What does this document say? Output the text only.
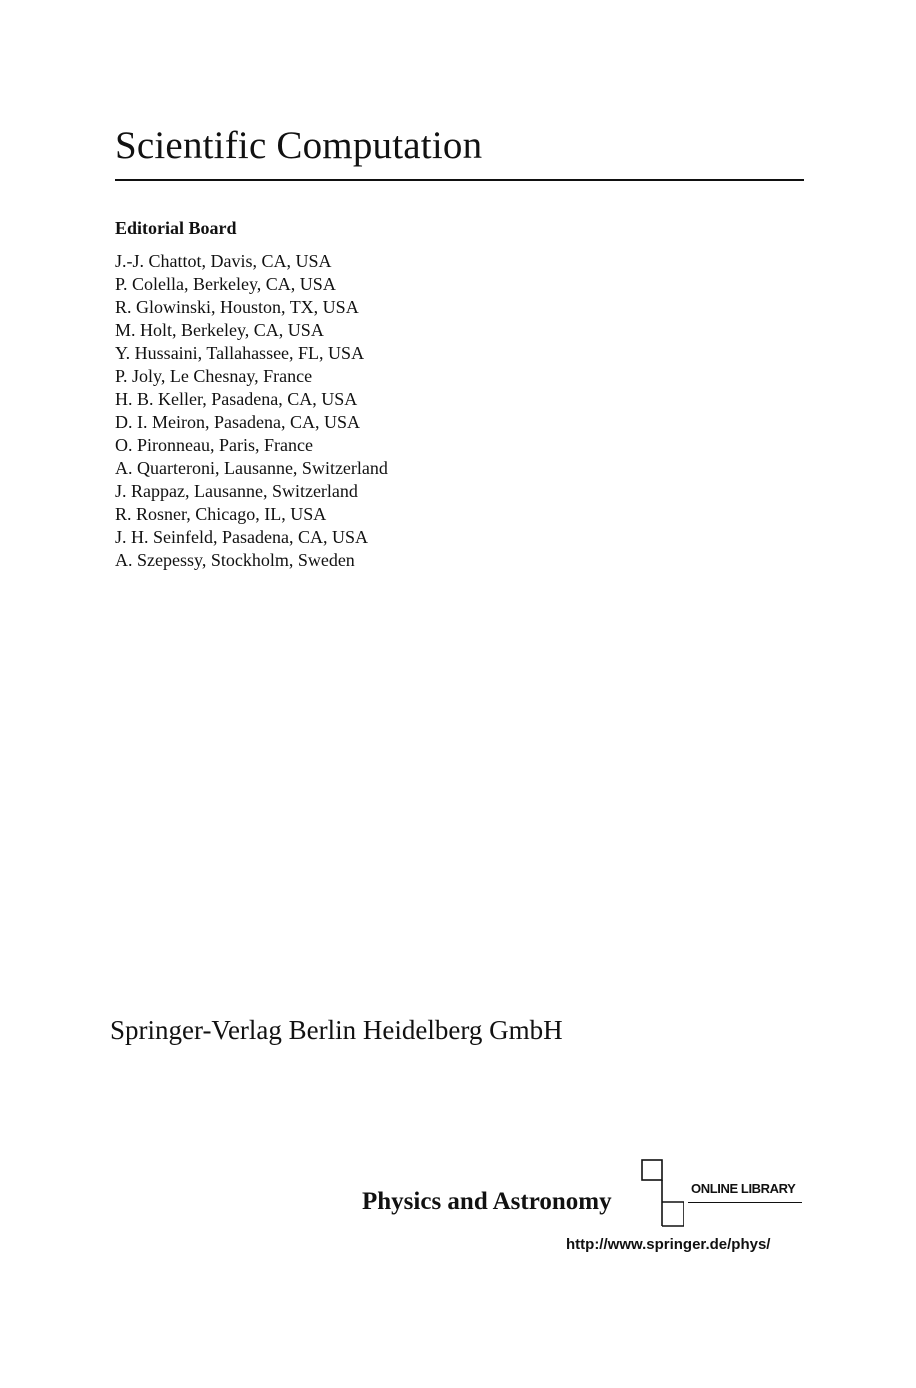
Scientific Computation
Editorial Board
J.-J. Chattot, Davis, CA, USA
P. Colella, Berkeley, CA, USA
R. Glowinski, Houston, TX, USA
M. Holt, Berkeley, CA, USA
Y. Hussaini, Tallahassee, FL, USA
P. Joly, Le Chesnay, France
H. B. Keller, Pasadena, CA, USA
D. I. Meiron, Pasadena, CA, USA
O. Pironneau, Paris, France
A. Quarteroni, Lausanne, Switzerland
J. Rappaz, Lausanne, Switzerland
R. Rosner, Chicago, IL, USA
J. H. Seinfeld, Pasadena, CA, USA
A. Szepessy, Stockholm, Sweden

Springer-Verlag Berlin Heidelberg GmbH

Physics and Astronomy	ONLINE LIBRARY

http://www.springer.de/phys/
